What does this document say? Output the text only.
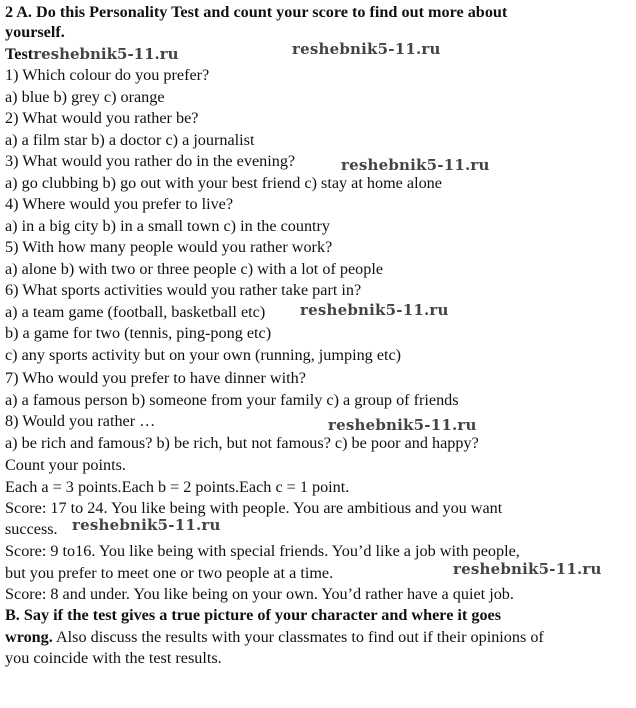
2 A. Do this Personality Test and count your score to find out more about
yourself.
Testreshebnik5-11.ru
1) Which colour do you prefer?
a) blue b) grey c) orange
2) What would you rather be?
a) a film star b) a doctor c) a journalist
3) What would you rather do in the evening?
a) go clubbing b) go out with your best friend c) stay at home alone
4) Where would you prefer to live?
a) in a big city b) in a small town c) in the country
5) With how many people would you rather work?
a) alone b) with two or three people c) with a lot of people
6) What sports activities would you rather take part in?
a) a team game (football, basketball etc)
b) a game for two (tennis, ping-pong etc)
c) any sports activity but on your own (running, jumping etc)
7) Who would you prefer to have dinner with?
a) a famous person b) someone from your family c) a group of friends
8) Would you rather …
a) be rich and famous? b) be rich, but not famous? c) be poor and happy?
Count your points.
Each a = 3 points.Each b = 2 points.Each c = 1 point.
Score: 17 to 24. You like being with people. You are ambitious and you want
success.
Score: 9 to16. You like being with special friends. You’d like a job with people,
but you prefer to meet one or two people at a time.
Score: 8 and under. You like being on your own. You’d rather have a quiet job.
B. Say if the test gives a true picture of your character and where it goes
wrong. Also discuss the results with your classmates to find out if their opinions of
you coincide with the test results.
reshebnik5-11.ru
reshebnik5-11.ru
reshebnik5-11.ru
reshebnik5-11.ru
reshebnik5-11.ru
reshebnik5-11.ru
